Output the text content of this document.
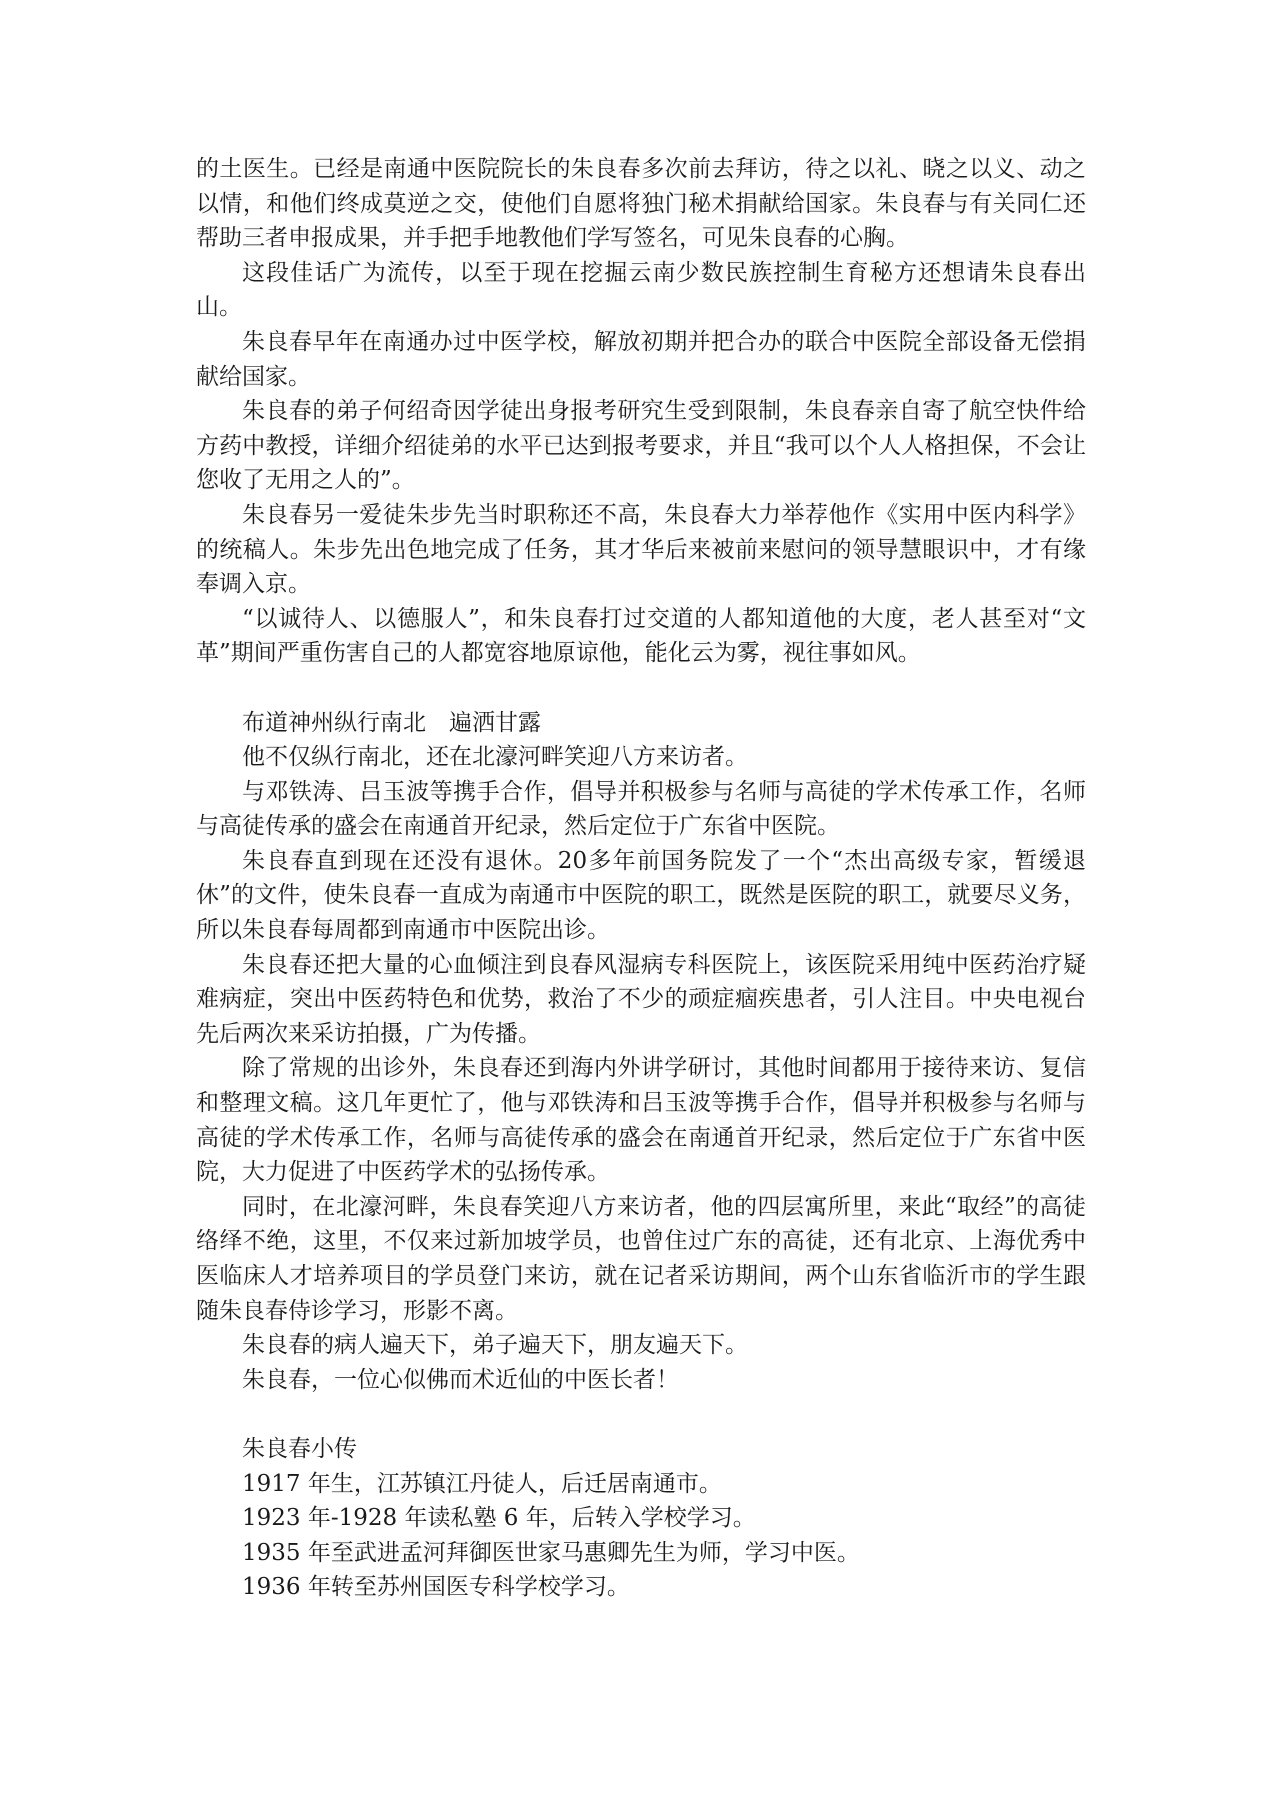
的土医生。已经是南通中医院院长的朱良春多次前去拜访，待之以礼、晓之以义、动之以情，和他们终成莫逆之交，使他们自愿将独门秘术捐献给国家。朱良春与有关同仁还帮助三者申报成果，并手把手地教他们学写签名，可见朱良春的心胸。

这段佳话广为流传，以至于现在挖掘云南少数民族控制生育秘方还想请朱良春出山。

朱良春早年在南通办过中医学校，解放初期并把合办的联合中医院全部设备无偿捐献给国家。

朱良春的弟子何绍奇因学徒出身报考研究生受到限制，朱良春亲自寄了航空快件给方药中教授，详细介绍徒弟的水平已达到报考要求，并且“我可以个人人格担保，不会让您收了无用之人的”。

朱良春另一爱徒朱步先当时职称还不高，朱良春大力举荐他作《实用中医内科学》的统稿人。朱步先出色地完成了任务，其才华后来被前来慰问的领导慧眼识中，才有缘奉调入京。

“以诚待人、以德服人”，和朱良春打过交道的人都知道他的大度，老人甚至对“文革”期间严重伤害自己的人都宽容地原谅他，能化云为雾，视往事如风。

布道神州纵行南北　遍洒甘露

他不仅纵行南北，还在北濠河畔笑迎八方来访者。

与邓铁涛、吕玉波等携手合作，倡导并积极参与名师与高徒的学术传承工作，名师与高徒传承的盛会在南通首开纪录，然后定位于广东省中医院。

朱良春直到现在还没有退休。20多年前国务院发了一个“杰出高级专家，暂缓退休”的文件，使朱良春一直成为南通市中医院的职工，既然是医院的职工，就要尽义务，所以朱良春每周都到南通市中医院出诊。

朱良春还把大量的心血倾注到良春风湿病专科医院上，该医院采用纯中医药治疗疑难病症，突出中医药特色和优势，救治了不少的顽症痼疾患者，引人注目。中央电视台先后两次来采访拍摄，广为传播。

除了常规的出诊外，朱良春还到海内外讲学研讨，其他时间都用于接待来访、复信和整理文稿。这几年更忙了，他与邓铁涛和吕玉波等携手合作，倡导并积极参与名师与高徒的学术传承工作，名师与高徒传承的盛会在南通首开纪录，然后定位于广东省中医院，大力促进了中医药学术的弘扬传承。

同时，在北濠河畔，朱良春笑迎八方来访者，他的四层寓所里，来此“取经”的高徒络绎不绝，这里，不仅来过新加坡学员，也曾住过广东的高徒，还有北京、上海优秀中医临床人才培养项目的学员登门来访，就在记者采访期间，两个山东省临沂市的学生跟随朱良春侍诊学习，形影不离。

朱良春的病人遍天下，弟子遍天下，朋友遍天下。

朱良春，一位心似佛而术近仙的中医长者！

朱良春小传

1917 年生，江苏镇江丹徒人，后迁居南通市。

1923 年-1928 年读私塾 6 年，后转入学校学习。

1935 年至武进孟河拜御医世家马惠卿先生为师，学习中医。

1936 年转至苏州国医专科学校学习。
